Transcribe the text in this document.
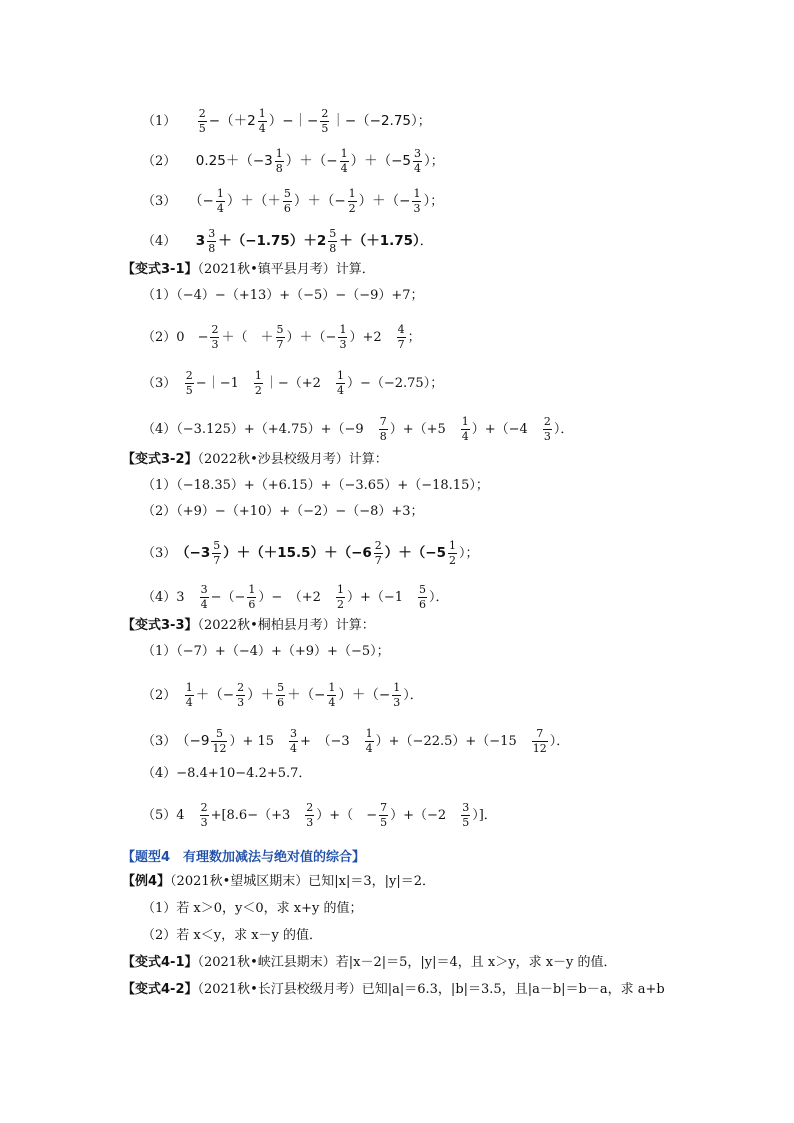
（1）　　	$\frac{2}{5} -(+2 \frac{1}{4}$ ）−｜− $\frac{2}{5}$ ｜−（−2.75）；
（2）　　 $0.25+(-3 \frac{1}{8}$ ）＋（− $\frac{1}{4} )+(-5 \frac{3}{4}$ ）；
（3）　　 （− $\frac{1}{4}$ ）＋（＋ $\frac{5}{6}$ ）＋（− $\frac{1}{2}$ ）＋（− $\frac{1}{3}$ ）；
（4）　　 $3 \frac{3}{8} +(-1.75)+2 \frac{5}{8} +(+1.75)$．
【变式3-1】（2021秋•镇平县月考）计算．
（1）（−4）−（+13）+（−5）−（−9）+7；
（2）0　 − $\frac{2}{3}$ ＋（　 ＋ $\frac{5}{7}$ ）＋（− $\frac{1}{3} )+2$　 $\frac{4}{7}$ ；
（3）　 $\frac{2}{5}$ −｜−1　 $\frac{1}{2}$ ｜−（+2　 $\frac{1}{4} )-(-2.75)$；
（4）（−3.125）+（+4.75）+（−9　 $\frac{7}{8} )+(+5$　 $\frac{1}{4} )+(-4$　 $\frac{2}{3}$ ）．
【变式3-2】（2022秋•沙县校级月考）计算：
（1）（−18.35）+（+6.15）+（−3.65）+（−18.15）；
（2）（+9）−（+10）+（−2）−（−8）+3；
（3）　 $(-3 \frac{5}{7} )+(+15.5)+(-6 \frac{2}{7} )+(-5 \frac{1}{2}$ ）；
（4）3　 $\frac{3}{4}$ −（− $\frac{1}{6}$ ）−　 （+2　 $\frac{1}{2} )+(-1$　 $\frac{5}{6}$ ）．
【变式3-3】（2022秋•桐柏县月考）计算：
（1）（−7）+（−4）+（+9）+（−5）；
（2）　 $\frac{1}{4}$ ＋（− $\frac{2}{3}$ ）＋ $\frac{5}{6}$ ＋（− $\frac{1}{4}$ ）＋（− $\frac{1}{3}$ ）．
（3）　 （$-9 \frac{5}{12}$ ）+ 15　 $\frac{3}{4}$ +　 （−3　 $\frac{1}{4} )+(-22.5)+(-15$　 $\frac{7}{12}$ ）．
（4）−8.4+10−4.2+5.7．
（5）4　 $\frac{2}{3} +[8.6-(+3$　 $\frac{2}{3}$ ）+（　 − $\frac{7}{5} )+(-2$　 $\frac{3}{5}$ ）]．
【题型4　有理数加减法与绝对值的综合】
【例4】（2021秋•望城区期末）已知|x|＝3，|y|＝2．
（1）若 x＞0，y＜0，求 x+y 的值；
（2）若 x＜y，求 x－y 的值．
【变式4-1】（2021秋•峡江县期末）若|x－2|＝5，|y|＝4，且 x＞y，求 x－y 的值．
【变式4-2】（2021秋•长汀县校级月考）已知|a|＝6.3，|b|＝3.5，且|a－b|＝b－a，求 a+b
